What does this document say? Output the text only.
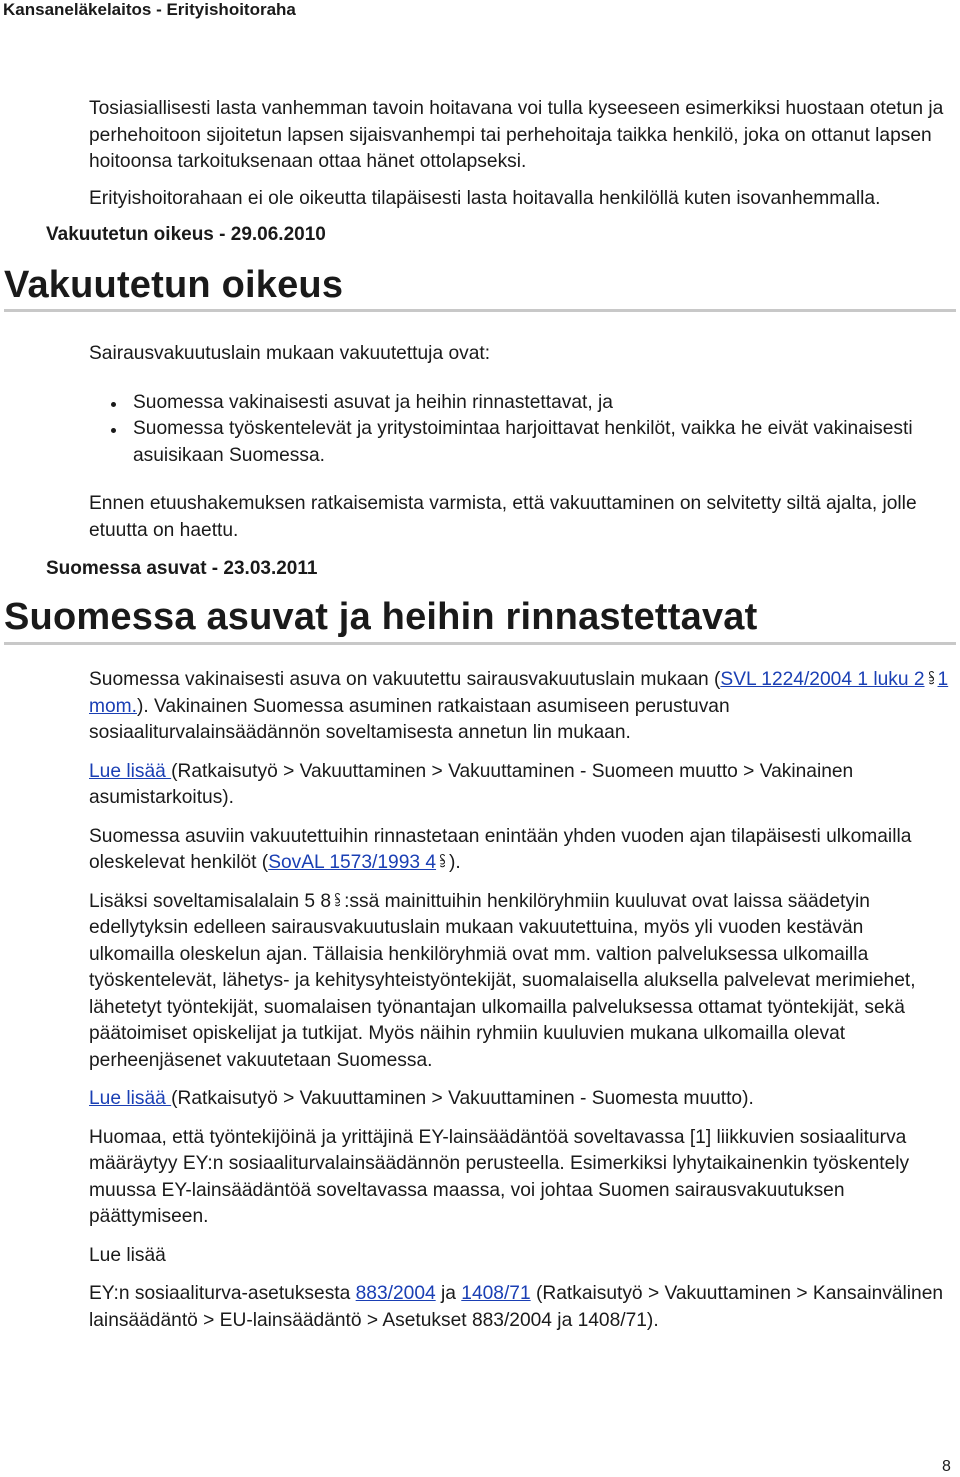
Kansaneläkelaitos - Erityishoitoraha

Tosiasiallisesti lasta vanhemman tavoin hoitavana voi tulla kyseeseen esimerkiksi huostaan otetun ja perhehoitoon sijoitetun lapsen sijaisvanhempi tai perhehoitaja taikka henkilö, joka on ottanut lapsen hoitoonsa tarkoituksenaan ottaa hänet ottolapseksi.

Erityishoitorahaan ei ole oikeutta tilapäisesti lasta hoitavalla henkilöllä kuten isovanhemmalla.

Vakuutetun oikeus - 29.06.2010
Vakuutetun oikeus

Sairausvakuutuslain mukaan vakuutettuja ovat:

Suomessa vakinaisesti asuvat ja heihin rinnastettavat, ja
Suomessa työskentelevät ja yritystoimintaa harjoittavat henkilöt, vaikka he eivät vakinaisesti asuisikaan Suomessa.

Ennen etuushakemuksen ratkaisemista varmista, että vakuuttaminen on selvitetty siltä ajalta, jolle etuutta on haettu.

Suomessa asuvat - 23.03.2011
Suomessa asuvat ja heihin rinnastettavat

Suomessa vakinaisesti asuva on vakuutettu sairausvakuutuslain mukaan (SVL 1224/2004 1 luku 2 1 mom.). Vakinainen Suomessa asuminen ratkaistaan asumiseen perustuvan sosiaaliturvalainsäädännön soveltamisesta annetun lin mukaan.

Lue lisää (Ratkaisutyö > Vakuuttaminen > Vakuuttaminen - Suomeen muutto > Vakinainen asumistarkoitus).

Suomessa asuviin vakuutettuihin rinnastetaan enintään yhden vuoden ajan tilapäisesti ulkomailla oleskelevat henkilöt (SovAL 1573/1993 4 ).

Lisäksi soveltamisalalain 5 8 :ssä mainittuihin henkilöryhmiin kuuluvat ovat laissa säädetyin edellytyksin edelleen sairausvakuutuslain mukaan vakuutettuina, myös yli vuoden kestävän ulkomailla oleskelun ajan. Tällaisia henkilöryhmiä ovat mm. valtion palveluksessa ulkomailla työskentelevät, lähetys- ja kehitysyhteistyöntekijät, suomalaisella aluksella palvelevat merimiehet, lähetetyt työntekijät, suomalaisen työnantajan ulkomailla palveluksessa ottamat työntekijät, sekä päätoimiset opiskelijat ja tutkijat. Myös näihin ryhmiin kuuluvien mukana ulkomailla olevat perheenjäsenet vakuutetaan Suomessa.

Lue lisää (Ratkaisutyö > Vakuuttaminen > Vakuuttaminen - Suomesta muutto).

Huomaa, että työntekijöinä ja yrittäjinä EY-lainsäädäntöä soveltavassa [1] liikkuvien sosiaaliturva määräytyy EY:n sosiaaliturvalainsäädännön perusteella. Esimerkiksi lyhytaikainenkin työskentely muussa EY-lainsäädäntöä soveltavassa maassa, voi johtaa Suomen sairausvakuutuksen päättymiseen.

Lue lisää

EY:n sosiaaliturva-asetuksesta 883/2004 ja 1408/71 (Ratkaisutyö > Vakuuttaminen > Kansainvälinen lainsäädäntö > EU-lainsäädäntö > Asetukset 883/2004 ja 1408/71).

8
